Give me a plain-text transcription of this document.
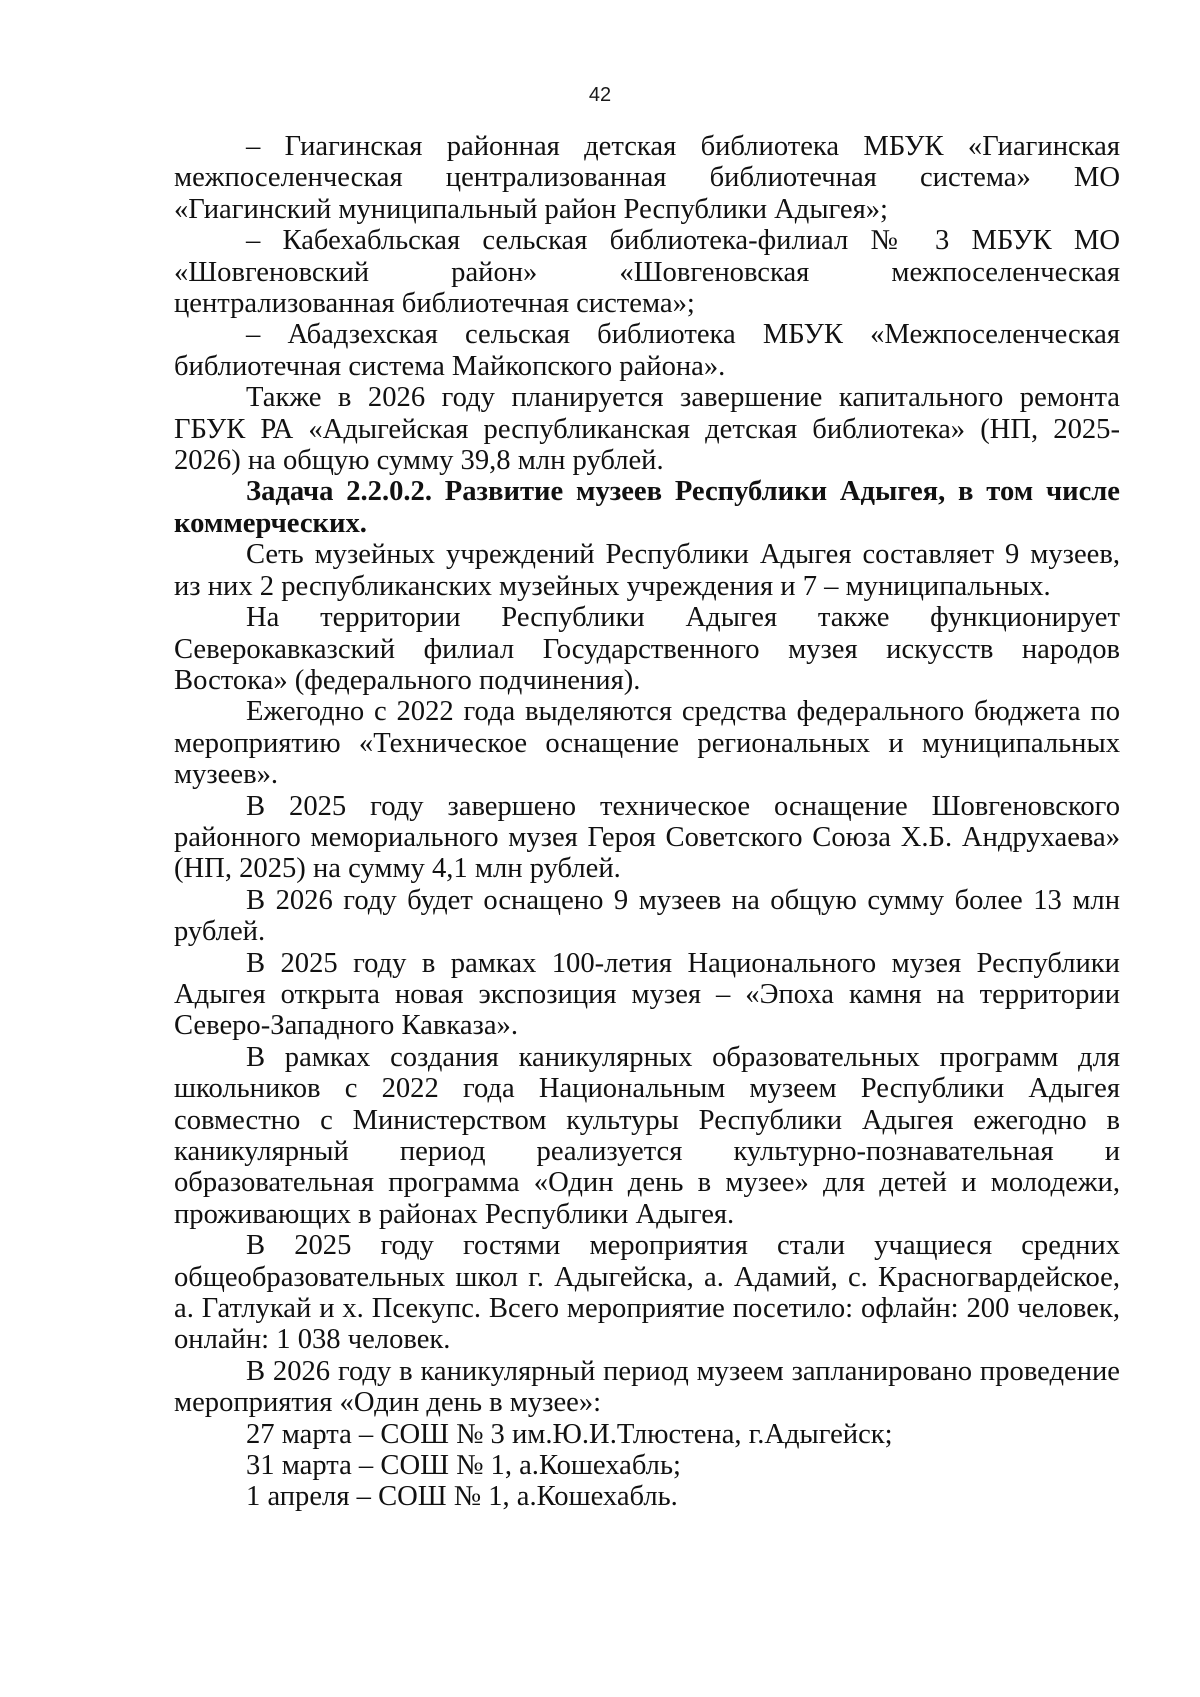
42

– Гиагинская районная детская библиотека МБУК «Гиагинская межпоселенческая централизованная библиотечная система» МО «Гиагинский муниципальный район Республики Адыгея»;

– Кабехабльская сельская библиотека-филиал № 3 МБУК МО «Шовгеновский район» «Шовгеновская межпоселенческая централизованная библиотечная система»;

– Абадзехская сельская библиотека МБУК «Межпоселенческая библиотечная система Майкопского района».

Также в 2026 году планируется завершение капитального ремонта ГБУК РА «Адыгейская республиканская детская библиотека» (НП, 2025-2026) на общую сумму 39,8 млн рублей.

Задача 2.2.0.2. Развитие музеев Республики Адыгея, в том числе коммерческих.

Сеть музейных учреждений Республики Адыгея составляет 9 музеев, из них 2 республиканских музейных учреждения и 7 – муниципальных.

На территории Республики Адыгея также функционирует Северокавказский филиал Государственного музея искусств народов Востока» (федерального подчинения).

Ежегодно с 2022 года выделяются средства федерального бюджета по мероприятию «Техническое оснащение региональных и муниципальных музеев».

В 2025 году завершено техническое оснащение Шовгеновского районного мемориального музея Героя Советского Союза Х.Б. Андрухаева» (НП, 2025) на сумму 4,1 млн рублей.

В 2026 году будет оснащено 9 музеев на общую сумму более 13 млн рублей.

В 2025 году в рамках 100-летия Национального музея Республики Адыгея открыта новая экспозиция музея – «Эпоха камня на территории Северо-Западного Кавказа».

В рамках создания каникулярных образовательных программ для школьников с 2022 года Национальным музеем Республики Адыгея совместно с Министерством культуры Республики Адыгея ежегодно в каникулярный период реализуется культурно-познавательная и образовательная программа «Один день в музее» для детей и молодежи, проживающих в районах Республики Адыгея.

В 2025 году гостями мероприятия стали учащиеся средних общеобразовательных школ г. Адыгейска, а. Адамий, с. Красногвардейское, а. Гатлукай и х. Псекупс. Всего мероприятие посетило: офлайн: 200 человек, онлайн: 1 038 человек.

В 2026 году в каникулярный период музеем запланировано проведение мероприятия «Один день в музее»:

27 марта – СОШ № 3 им.Ю.И.Тлюстена, г.Адыгейск;

31 марта – СОШ № 1, а.Кошехабль;

1 апреля – СОШ № 1, а.Кошехабль.
